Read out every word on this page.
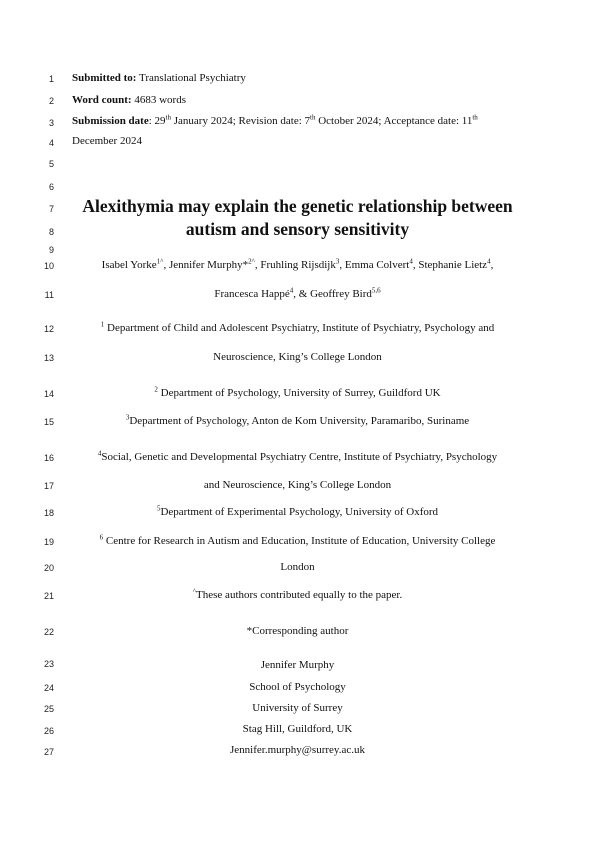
1
2
3
4
5
6
7
8
9
10
11
12
13
14
15
16
17
18
19
20
21
22
23
24
25
26
27
Submitted to: Translational Psychiatry
Word count: 4683 words
Submission date: 29th January 2024; Revision date: 7th October 2024; Acceptance date: 11th
December 2024
Alexithymia may explain the genetic relationship between
autism and sensory sensitivity
Isabel Yorke$^{1\^{}}$, Jennifer Murphy*$^{2\^{}}$, Fruhling Rijsdijk$^3$, Emma Colvert$^4$, Stephanie Lietz$^4$,
Francesca Happé$^4$, & Geoffrey Bird$^{5,6}$
$^1$ Department of Child and Adolescent Psychiatry, Institute of Psychiatry, Psychology and
Neuroscience, King’s College London
$^2$ Department of Psychology, University of Surrey, Guildford UK
$^3$Department of Psychology, Anton de Kom University, Paramaribo, Suriname
$^4$Social, Genetic and Developmental Psychiatry Centre, Institute of Psychiatry, Psychology
and Neuroscience, King’s College London
$^5$Department of Experimental Psychology, University of Oxford
$^6$ Centre for Research in Autism and Education, Institute of Education, University College
London
^These authors contributed equally to the paper.
*Corresponding author
Jennifer Murphy
School of Psychology
University of Surrey
Stag Hill, Guildford, UK
Jennifer.murphy@surrey.ac.uk
